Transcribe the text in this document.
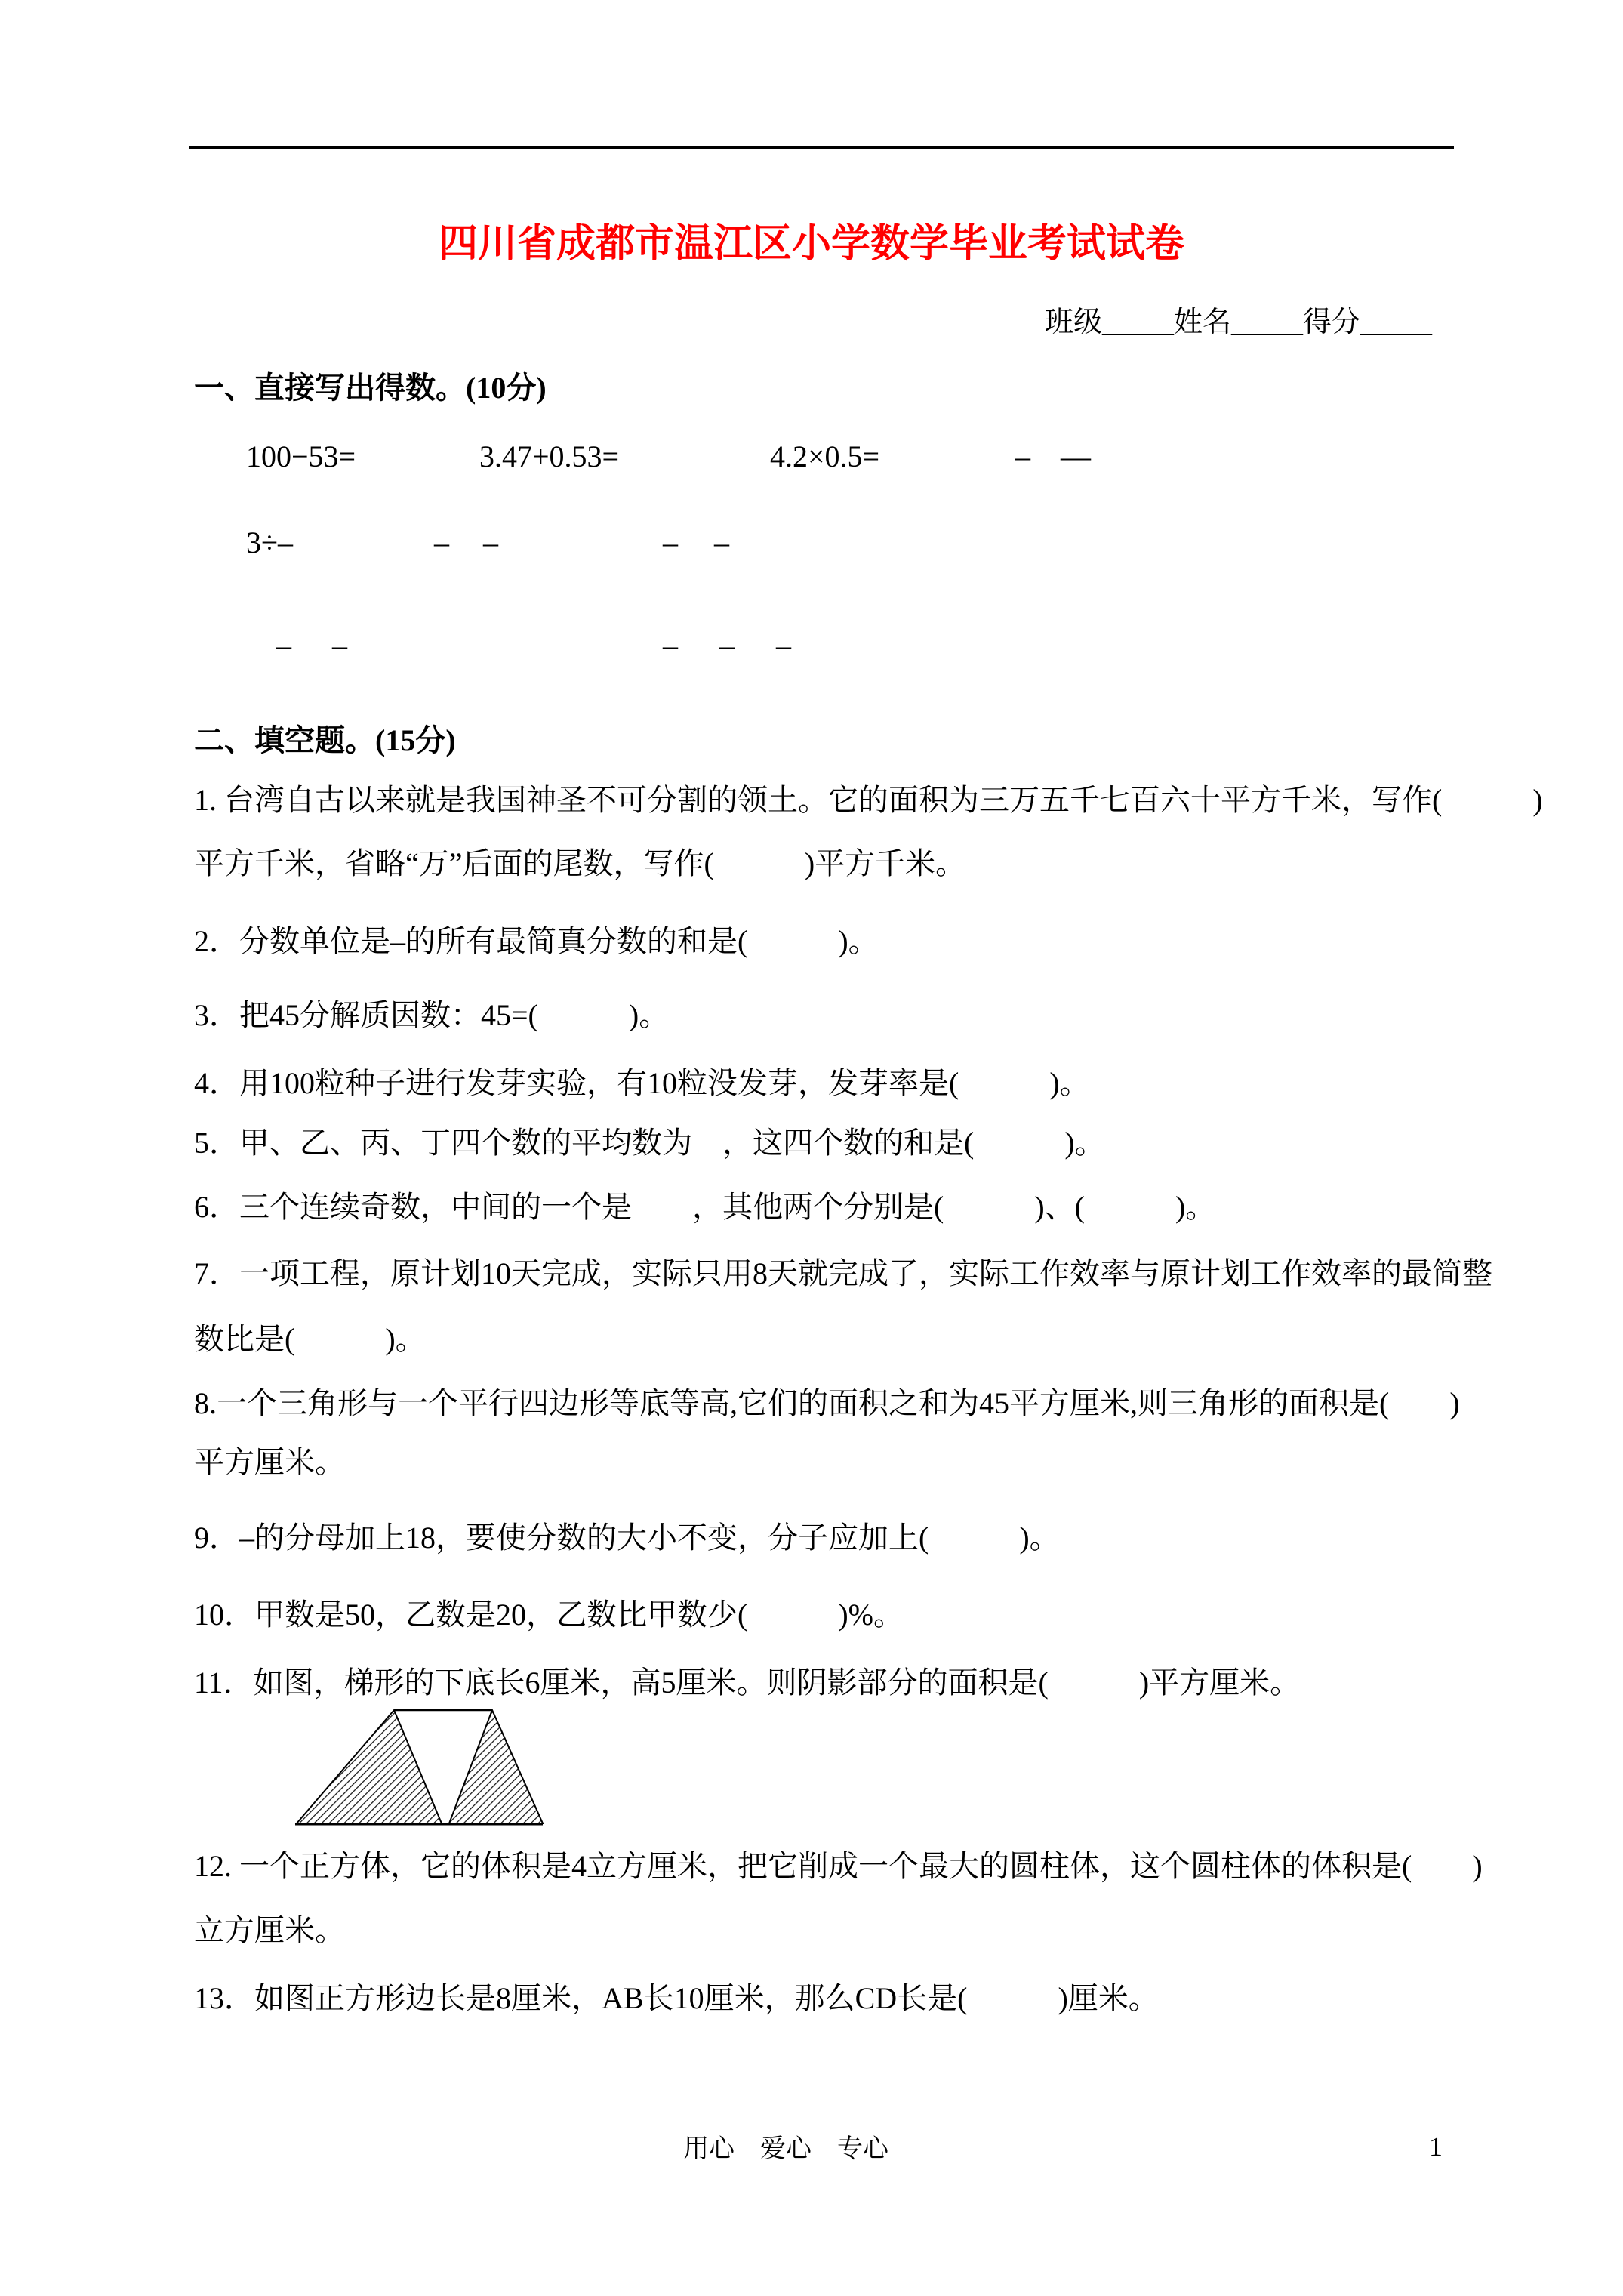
四川省成都市温江区小学数学毕业考试试卷
班级_____姓名_____得分_____
一、直接写出得数。(10分)
100−53=	3.47+0.53=	4.2×0.5=	– —
3÷–	– –	– –
– –	– – –
二、填空题。(15分)
1. 台湾自古以来就是我国神圣不可分割的领土。它的面积为三万五千七百六十平方千米，写作(　　　)
平方千米，省略“万”后面的尾数，写作(　　　)平方千米。
2．分数单位是–的所有最简真分数的和是(　　　)。
3．把45分解质因数：45=(　　　)。
4．用100粒种子进行发芽实验，有10粒没发芽，发芽率是(　　　)。
5．甲、乙、丙、丁四个数的平均数为　，这四个数的和是(　　　)。
6．三个连续奇数，中间的一个是　　，其他两个分别是(　　　)、(　　　)。
7．一项工程，原计划10天完成，实际只用8天就完成了，实际工作效率与原计划工作效率的最简整
数比是(　　　)。
8.一个三角形与一个平行四边形等底等高,它们的面积之和为45平方厘米,则三角形的面积是(　　)
平方厘米。
9．–的分母加上18，要使分数的大小不变，分子应加上(　　　)。
10．甲数是50，乙数是20，乙数比甲数少(　　　)%。
11．如图，梯形的下底长6厘米，高5厘米。则阴影部分的面积是(　　　)平方厘米。
12. 一个正方体，它的体积是4立方厘米，把它削成一个最大的圆柱体，这个圆柱体的体积是(　　)
立方厘米。
13．如图正方形边长是8厘米，AB长10厘米，那么CD长是(　　　)厘米。
用心　爱心　专心	1
